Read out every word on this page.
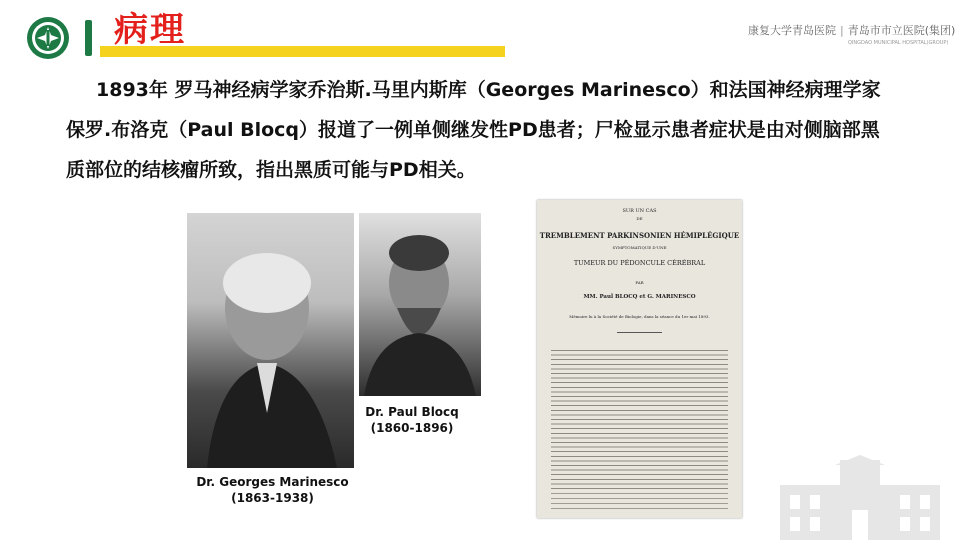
病理	康复大学青岛医院 | 青岛市市立医院(集团)
QINGDAO MUNICIPAL HOSPITAL(GROUP)
1893年 罗马神经病学家乔治斯.马里内斯库（Georges Marinesco）和法国神经病理学家保罗.布洛克（Paul Blocq）报道了一例单侧继发性PD患者；尸检显示患者症状是由对侧脑部黑质部位的结核瘤所致，指出黑质可能与PD相关。
Dr. Georges Marinesco
(1863-1938)
Dr. Paul Blocq
(1860-1896)
SUR UN CAS
DE
TREMBLEMENT PARKINSONIEN HÉMIPLÉGIQUE
SYMPTOMATIQUE D'UNE
TUMEUR DU PÉDONCULE CÉRÉBRAL
PAR
MM. Paul BLOCQ et G. MARINESCO
Mémoire lu à la Société de Biologie, dans la séance du 1er mai 1893.
